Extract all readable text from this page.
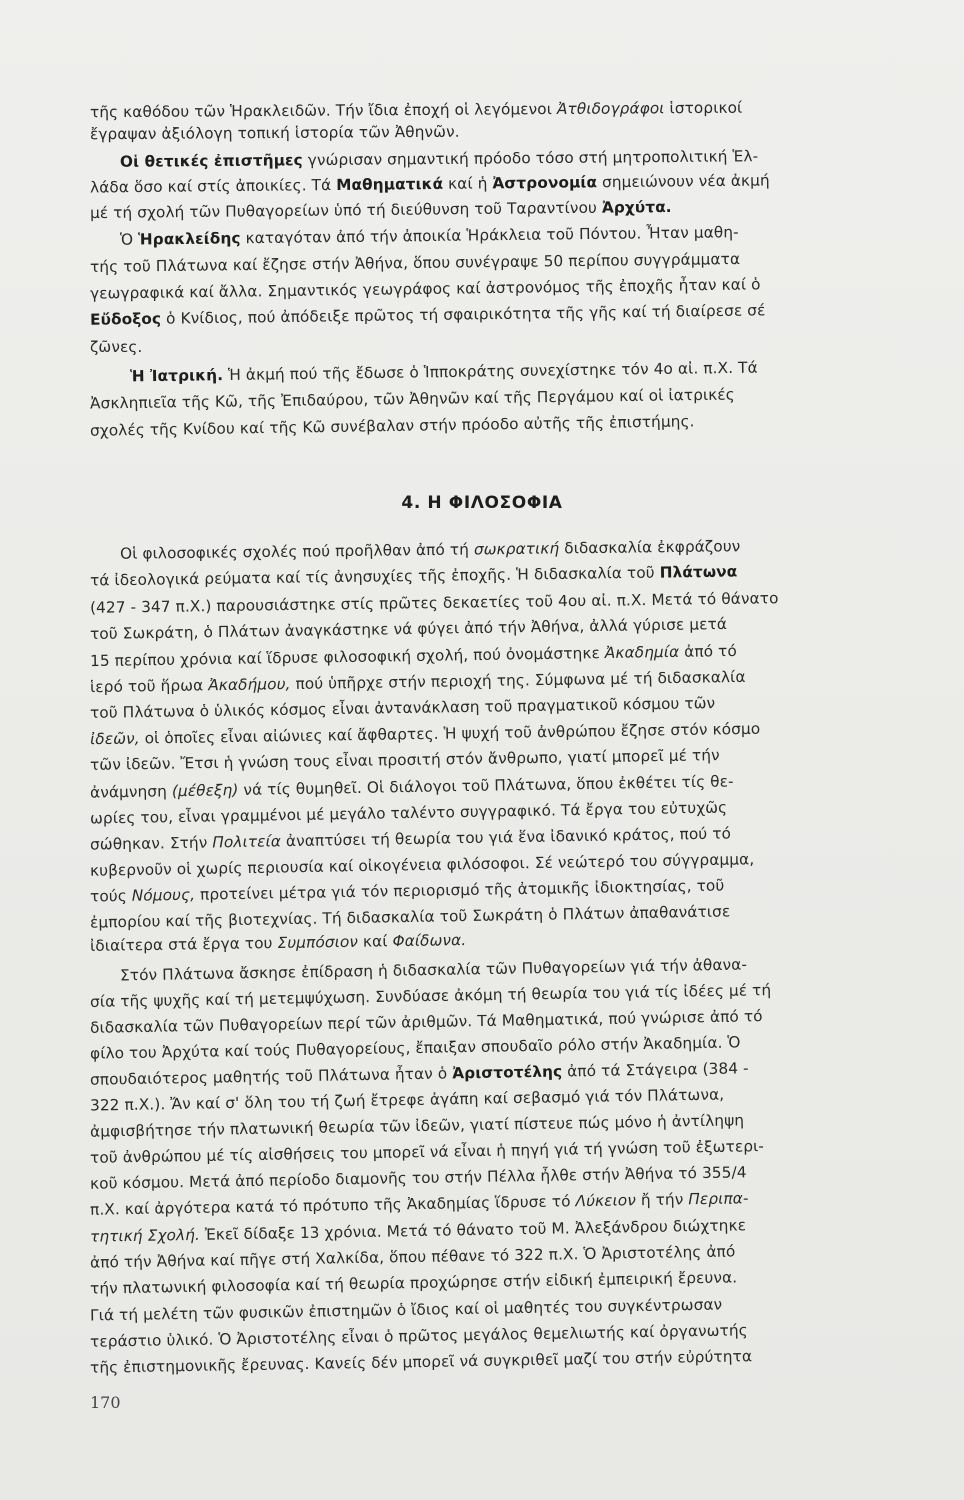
τῆς καθόδου τῶν Ἡρακλειδῶν. Τήν ἴδια ἐποχή οἱ λεγόμενοι Ἀτθιδογράφοι ἱστορικοί
ἔγραψαν ἀξιόλογη τοπική ἱστορία τῶν Ἀθηνῶν.
Οἱ θετικές ἐπιστῆμες γνώρισαν σημαντική πρόοδο τόσο στή μητροπολιτική Ἑλ-
λάδα ὅσο καί στίς ἀποικίες. Τά Μαθηματικά καί ἡ Ἀστρονομία σημειώνουν νέα ἀκμή
μέ τή σχολή τῶν Πυθαγορείων ὑπό τή διεύθυνση τοῦ Ταραντίνου Ἀρχύτα.
Ὁ Ἡρακλείδης καταγόταν ἀπό τήν ἀποικία Ἡράκλεια τοῦ Πόντου. Ἦταν μαθη-
τής τοῦ Πλάτωνα καί ἔζησε στήν Ἀθήνα, ὅπου συνέγραψε 50 περίπου συγγράμματα
γεωγραφικά καί ἄλλα. Σημαντικός γεωγράφος καί ἀστρονόμος τῆς ἐποχῆς ἦταν καί ὁ
Εὔδοξος ὁ Κνίδιος, πού ἀπόδειξε πρῶτος τή σφαιρικότητα τῆς γῆς καί τή διαίρεσε σέ
ζῶνες.
Ἡ Ἰατρική. Ἡ ἀκμή πού τῆς ἔδωσε ὁ Ἱπποκράτης συνεχίστηκε τόν 4ο αἰ. π.Χ. Τά
Ἀσκληπιεῖα τῆς Κῶ, τῆς Ἐπιδαύρου, τῶν Ἀθηνῶν καί τῆς Περγάμου καί οἱ ἰατρικές
σχολές τῆς Κνίδου καί τῆς Κῶ συνέβαλαν στήν πρόοδο αὐτῆς τῆς ἐπιστήμης.
4. Η ΦΙΛΟΣΟΦΙΑ
Οἱ φιλοσοφικές σχολές πού προῆλθαν ἀπό τή σωκρατική διδασκαλία ἐκφράζουν
τά ἰδεολογικά ρεύματα καί τίς ἀνησυχίες τῆς ἐποχῆς. Ἡ διδασκαλία τοῦ Πλάτωνα
(427 - 347 π.Χ.) παρουσιάστηκε στίς πρῶτες δεκαετίες τοῦ 4ου αἰ. π.Χ. Μετά τό θάνατο
τοῦ Σωκράτη, ὁ Πλάτων ἀναγκάστηκε νά φύγει ἀπό τήν Ἀθήνα, ἀλλά γύρισε μετά
15 περίπου χρόνια καί ἵδρυσε φιλοσοφική σχολή, πού ὀνομάστηκε Ἀκαδημία ἀπό τό
ἱερό τοῦ ἥρωα Ἀκαδήμου, πού ὑπῆρχε στήν περιοχή της. Σύμφωνα μέ τή διδασκαλία
τοῦ Πλάτωνα ὁ ὑλικός κόσμος εἶναι ἀντανάκλαση τοῦ πραγματικοῦ κόσμου τῶν
ἰδεῶν, οἱ ὁποῖες εἶναι αἰώνιες καί ἄφθαρτες. Ἡ ψυχή τοῦ ἀνθρώπου ἔζησε στόν κόσμο
τῶν ἰδεῶν. Ἔτσι ἡ γνώση τους εἶναι προσιτή στόν ἄνθρωπο, γιατί μπορεῖ μέ τήν
ἀνάμνηση (μέθεξη) νά τίς θυμηθεῖ. Οἱ διάλογοι τοῦ Πλάτωνα, ὅπου ἐκθέτει τίς θε-
ωρίες του, εἶναι γραμμένοι μέ μεγάλο ταλέντο συγγραφικό. Τά ἔργα του εὐτυχῶς
σώθηκαν. Στήν Πολιτεία ἀναπτύσει τή θεωρία του γιά ἕνα ἰδανικό κράτος, πού τό
κυβερνοῦν οἱ χωρίς περιουσία καί οἰκογένεια φιλόσοφοι. Σέ νεώτερό του σύγγραμμα,
τούς Νόμους, προτείνει μέτρα γιά τόν περιορισμό τῆς ἀτομικῆς ἰδιοκτησίας, τοῦ
ἐμπορίου καί τῆς βιοτεχνίας. Τή διδασκαλία τοῦ Σωκράτη ὁ Πλάτων ἀπαθανάτισε
ἰδιαίτερα στά ἔργα του Συμπόσιον καί Φαίδωνα.
Στόν Πλάτωνα ἄσκησε ἐπίδραση ἡ διδασκαλία τῶν Πυθαγορείων γιά τήν ἀθανα-
σία τῆς ψυχῆς καί τή μετεμψύχωση. Συνδύασε ἀκόμη τή θεωρία του γιά τίς ἰδέες μέ τή
διδασκαλία τῶν Πυθαγορείων περί τῶν ἀριθμῶν. Τά Μαθηματικά, πού γνώρισε ἀπό τό
φίλο του Ἀρχύτα καί τούς Πυθαγορείους, ἔπαιξαν σπουδαῖο ρόλο στήν Ἀκαδημία. Ὁ
σπουδαιότερος μαθητής τοῦ Πλάτωνα ἦταν ὁ Ἀριστοτέλης ἀπό τά Στάγειρα (384 -
322 π.Χ.). Ἄν καί σ' ὅλη του τή ζωή ἔτρεφε ἀγάπη καί σεβασμό γιά τόν Πλάτωνα,
ἀμφισβήτησε τήν πλατωνική θεωρία τῶν ἰδεῶν, γιατί πίστευε πώς μόνο ἡ ἀντίληψη
τοῦ ἀνθρώπου μέ τίς αἰσθήσεις του μπορεῖ νά εἶναι ἡ πηγή γιά τή γνώση τοῦ ἐξωτερι-
κοῦ κόσμου. Μετά ἀπό περίοδο διαμονῆς του στήν Πέλλα ἦλθε στήν Ἀθήνα τό 355/4
π.Χ. καί ἀργότερα κατά τό πρότυπο τῆς Ἀκαδημίας ἵδρυσε τό Λύκειον ἤ τήν Περιπα-
τητική Σχολή. Ἐκεῖ δίδαξε 13 χρόνια. Μετά τό θάνατο τοῦ Μ. Ἀλεξάνδρου διώχτηκε
ἀπό τήν Ἀθήνα καί πῆγε στή Χαλκίδα, ὅπου πέθανε τό 322 π.Χ. Ὁ Ἀριστοτέλης ἀπό
τήν πλατωνική φιλοσοφία καί τή θεωρία προχώρησε στήν εἰδική ἐμπειρική ἔρευνα.
Γιά τή μελέτη τῶν φυσικῶν ἐπιστημῶν ὁ ἴδιος καί οἱ μαθητές του συγκέντρωσαν
τεράστιο ὑλικό. Ὁ Ἀριστοτέλης εἶναι ὁ πρῶτος μεγάλος θεμελιωτής καί ὀργανωτής
τῆς ἐπιστημονικῆς ἔρευνας. Κανείς δέν μπορεῖ νά συγκριθεῖ μαζί του στήν εὐρύτητα
170
